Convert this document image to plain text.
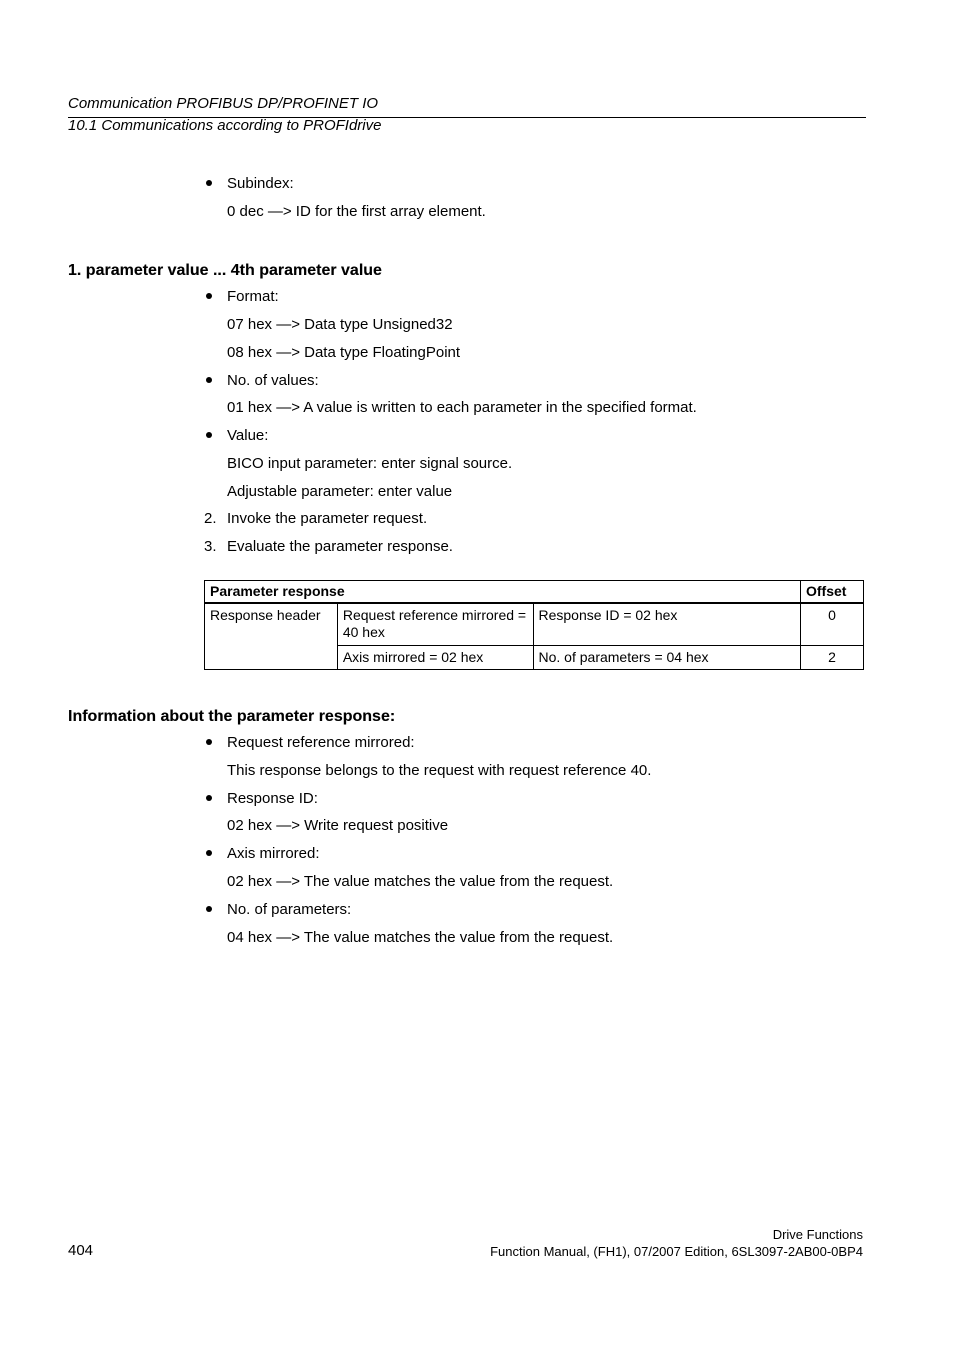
Communication PROFIBUS DP/PROFINET IO
10.1 Communications according to PROFIdrive
Subindex:
0 dec —> ID for the first array element.
1. parameter value ... 4th parameter value
Format:
07 hex —> Data type Unsigned32
08 hex —> Data type FloatingPoint
No. of values:
01 hex —> A value is written to each parameter in the specified format.
Value:
BICO input parameter: enter signal source.
Adjustable parameter: enter value
2. Invoke the parameter request.
3. Evaluate the parameter response.
Parameter response			Offset
Response header	Request reference mirrored = 40 hex	Response ID = 02 hex	0
	Axis mirrored = 02 hex	No. of parameters = 04 hex	2
Information about the parameter response:
Request reference mirrored:
This response belongs to the request with request reference 40.
Response ID:
02 hex —> Write request positive
Axis mirrored:
02 hex —> The value matches the value from the request.
No. of parameters:
04 hex —> The value matches the value from the request.
404
Drive Functions
Function Manual, (FH1), 07/2007 Edition, 6SL3097-2AB00-0BP4
